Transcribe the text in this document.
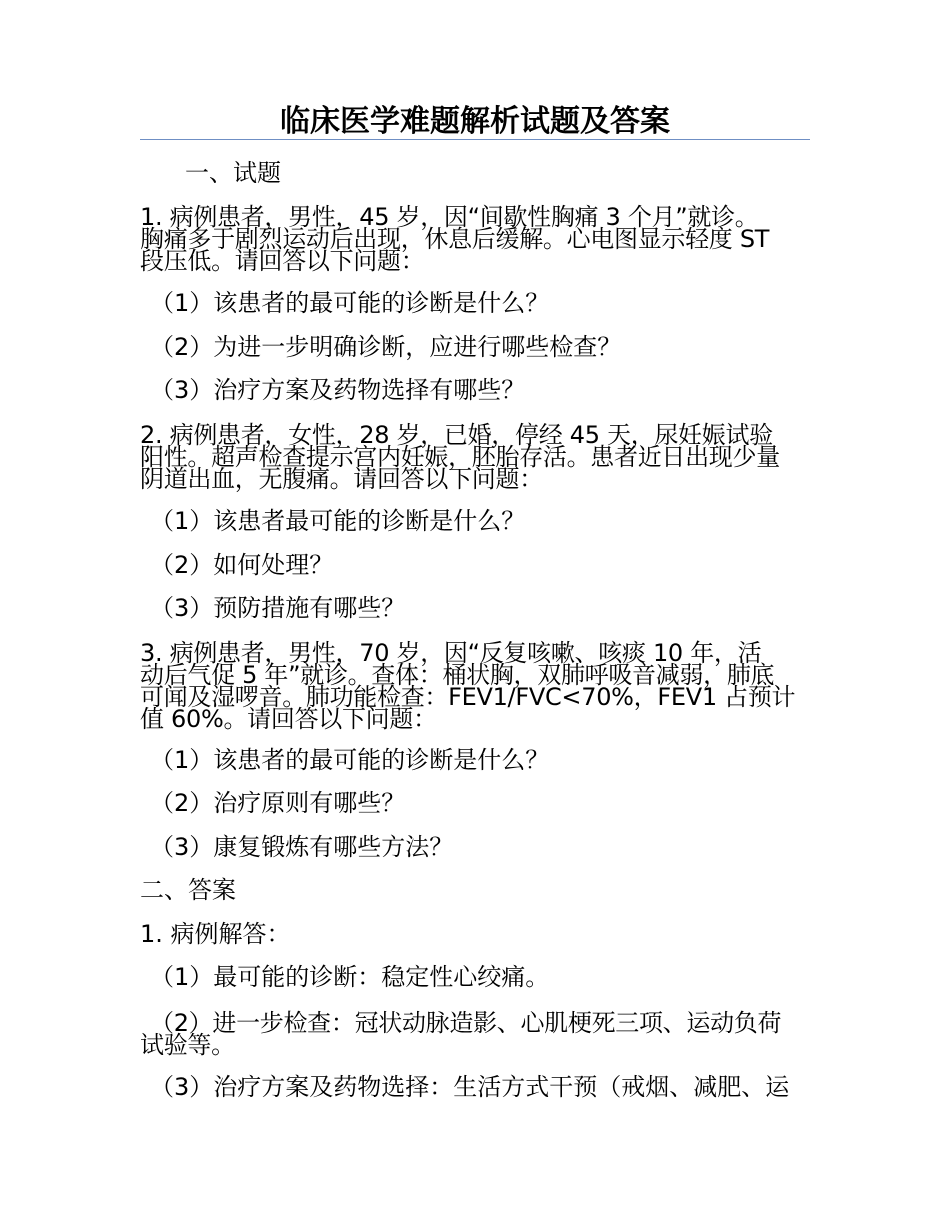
临床医学难题解析试题及答案
一、试题
1. 病例患者，男性，45 岁，因“间歇性胸痛 3 个月”就诊。
胸痛多于剧烈运动后出现，休息后缓解。心电图显示轻度 ST
段压低。请回答以下问题：
（1）该患者的最可能的诊断是什么？
（2）为进一步明确诊断，应进行哪些检查？
（3）治疗方案及药物选择有哪些？
2. 病例患者，女性，28 岁，已婚，停经 45 天，尿妊娠试验
阳性。超声检查提示宫内妊娠，胚胎存活。患者近日出现少量
阴道出血，无腹痛。请回答以下问题：
（1）该患者最可能的诊断是什么？
（2）如何处理？
（3）预防措施有哪些？
3. 病例患者，男性，70 岁，因“反复咳嗽、咳痰 10 年，活
动后气促 5 年”就诊。查体：桶状胸，双肺呼吸音减弱，肺底
可闻及湿啰音。肺功能检查：FEV1/FVC<70%，FEV1 占预计
值 60%。请回答以下问题：
（1）该患者的最可能的诊断是什么？
（2）治疗原则有哪些？
（3）康复锻炼有哪些方法？
二、答案
1. 病例解答：
（1）最可能的诊断：稳定性心绞痛。
（2）进一步检查：冠状动脉造影、心肌梗死三项、运动负荷
试验等。
（3）治疗方案及药物选择：生活方式干预（戒烟、减肥、运
